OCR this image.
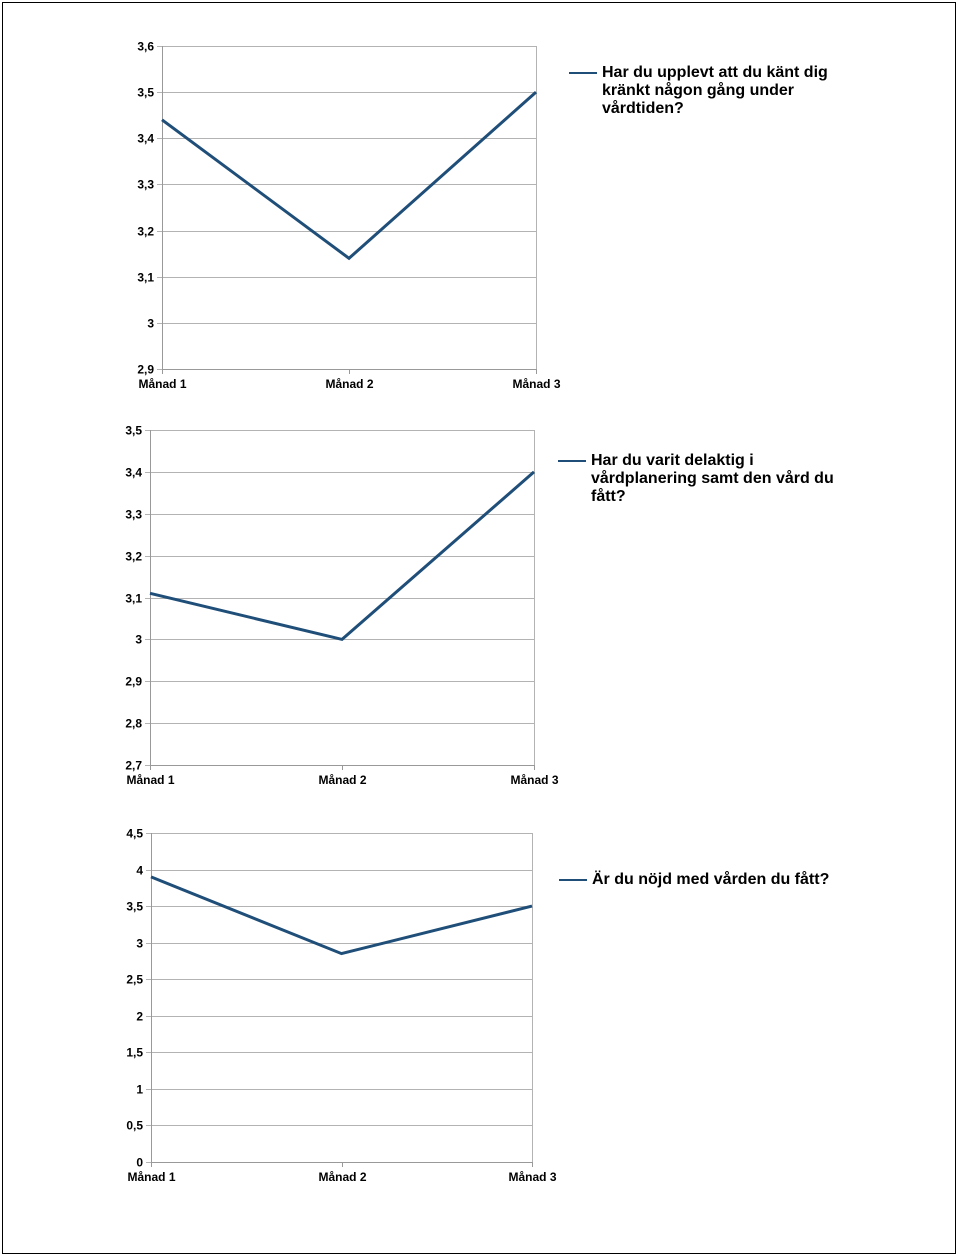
2,9
3
3,1
3,2
3,3
3,4
3,5
3,6
Månad 1	Månad 2	Månad 3
2,7
2,8
2,9
3
3,1
3,2
3,3
3,4
3,5
Månad 1	Månad 2	Månad 3
0
0,5
1
1,5
2
2,5
3
3,5
4
4,5
Månad 1	Månad 2	Månad 3
Har du upplevt att du känt dig kränkt någon gång under vårdtiden?
Har du varit delaktig i vårdplanering samt den vård du fått?
Är du nöjd med vården du fått?
